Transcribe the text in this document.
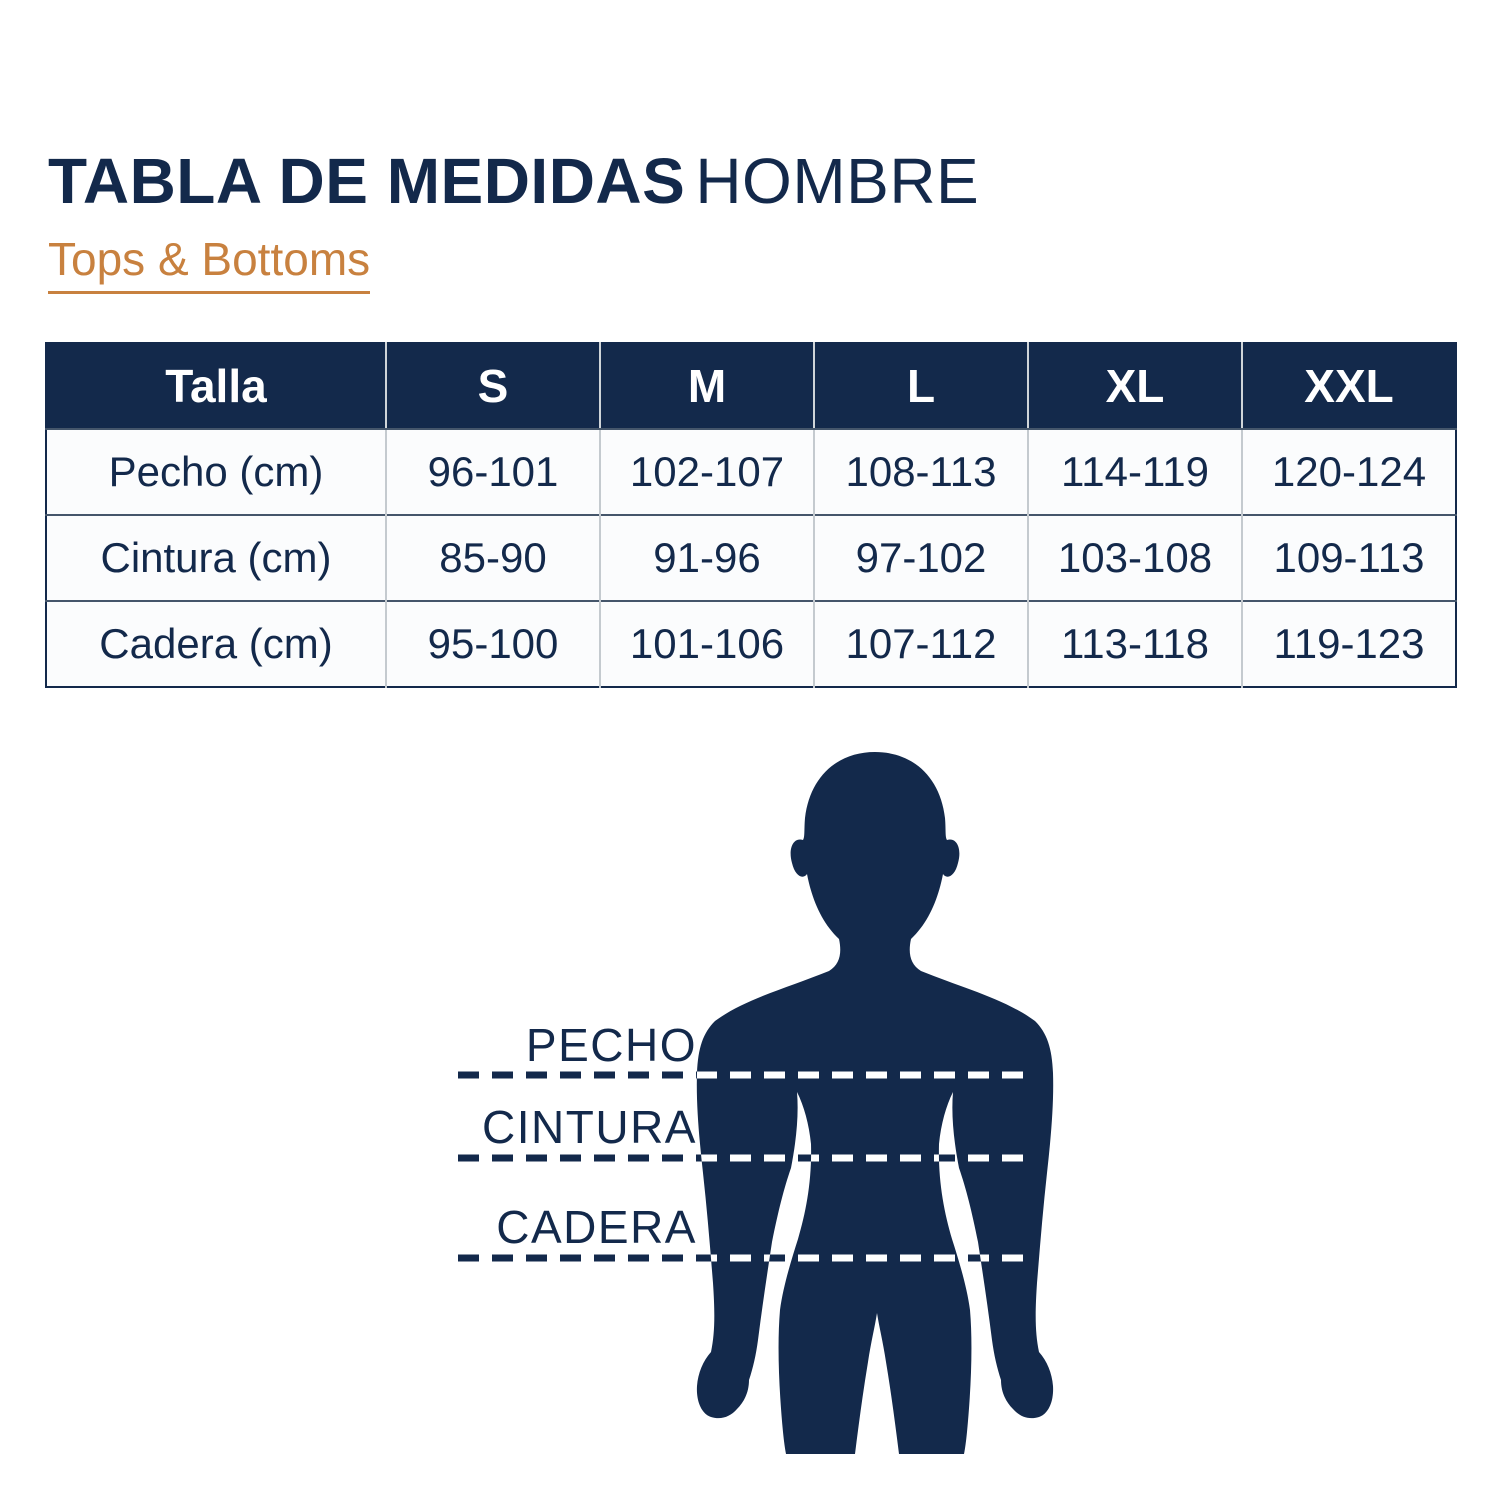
TABLA DE MEDIDAS HOMBRE
Tops & Bottoms
Talla	S	M	L	XL	XXL
Pecho (cm)	96-101	102-107	108-113	114-119	120-124
Cintura (cm)	85-90	91-96	97-102	103-108	109-113
Cadera (cm)	95-100	101-106	107-112	113-118	119-123
PECHO
CINTURA
CADERA
